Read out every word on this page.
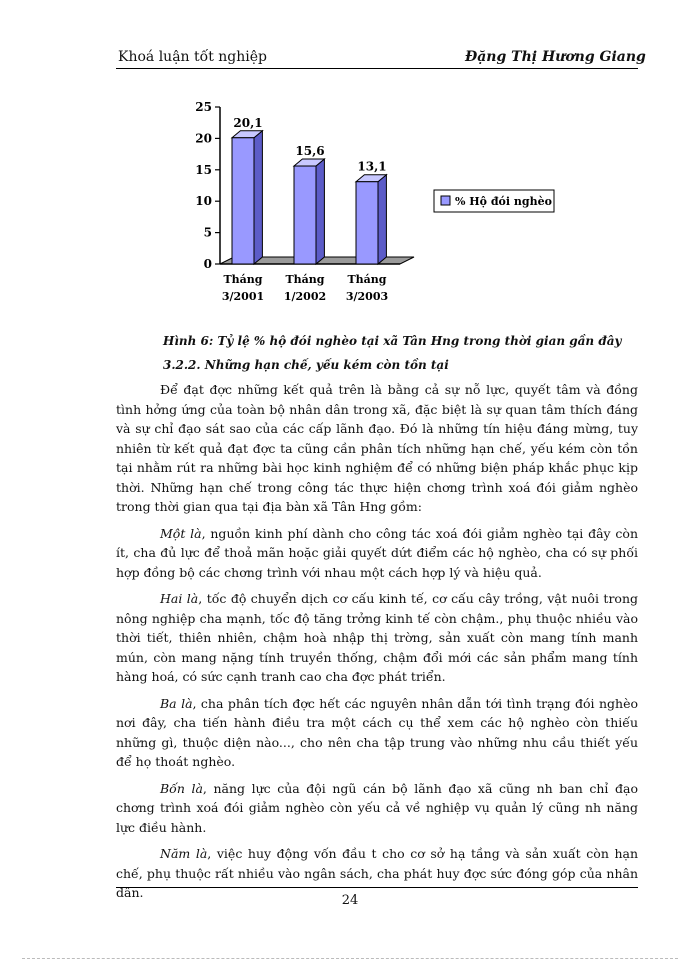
Khoá luận tốt nghiệp	Đặng Thị Hương Giang
0
5
10
15
20
25
20,1
Tháng
3/2001
15,6
Tháng
1/2002
13,1
Tháng
3/2003
% Hộ đói nghèo
Hình 6: Tỷ lệ % hộ đói nghèo tại xã Tân Hng trong thời gian gần đây
3.2.2. Những hạn chế, yếu kém còn tồn tại

Để đạt đợc những kết quả trên là bằng cả sự nỗ lực, quyết tâm và đồng tình hởng ứng của toàn bộ nhân dân trong xã, đặc biệt là sự quan tâm thích đáng và sự chỉ đạo sát sao của các cấp lãnh đạo. Đó là những tín hiệu đáng mừng, tuy nhiên từ kết quả đạt đợc ta cũng cần phân tích những hạn chế, yếu kém còn tồn tại nhằm rút ra những bài học kinh nghiệm để có những biện pháp khắc phục kịp thời. Những hạn chế trong công tác thực hiện chơng trình xoá đói giảm nghèo trong thời gian qua tại địa bàn xã Tân Hng gồm:

Một là, nguồn kinh phí dành cho công tác xoá đói giảm nghèo tại đây còn ít, cha đủ lực để thoả mãn hoặc giải quyết dứt điểm các hộ nghèo, cha có sự phối hợp đồng bộ các chơng trình với nhau một cách hợp lý và hiệu quả.

Hai là, tốc độ chuyển dịch cơ cấu kinh tế, cơ cấu cây trồng, vật nuôi trong nông nghiệp cha mạnh, tốc độ tăng trởng kinh tế còn chậm., phụ thuộc nhiều vào thời tiết, thiên nhiên, chậm hoà nhập thị trờng, sản xuất còn mang tính manh mún, còn mang nặng tính truyền thống, chậm đổi mới các sản phẩm mang tính hàng hoá, có sức cạnh tranh cao cha đợc phát triển.

Ba là, cha phân tích đợc hết các nguyên nhân dẫn tới tình trạng đói nghèo nơi đây, cha tiến hành điều tra một cách cụ thể xem các hộ nghèo còn thiếu những gì, thuộc diện nào..., cho nên cha tập trung vào những nhu cầu thiết yếu để họ thoát nghèo.

Bốn là, năng lực của đội ngũ cán bộ lãnh đạo xã cũng nh ban chỉ đạo chơng trình xoá đói giảm nghèo còn yếu cả về nghiệp vụ quản lý cũng nh năng lực điều hành.

Năm là, việc huy động vốn đầu t cho cơ sở hạ tầng và sản xuất còn hạn chế, phụ thuộc rất nhiều vào ngân sách, cha phát huy đợc sức đóng góp của nhân dân.

24
